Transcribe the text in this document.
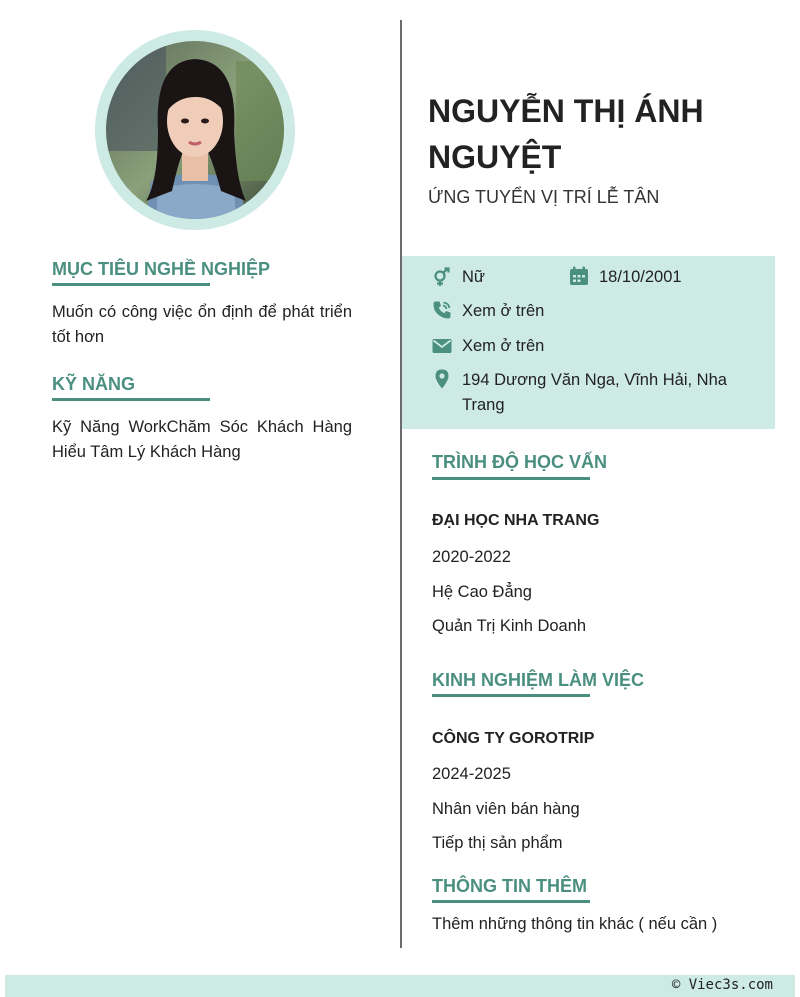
MỤC TIÊU NGHỀ NGHIỆP
Muốn có công việc ổn định để phát triển tốt hơn
KỸ NĂNG
Kỹ Năng WorkChăm Sóc Khách Hàng Hiểu Tâm Lý Khách Hàng
NGUYỄN THỊ ÁNH NGUYỆT
ỨNG TUYỂN VỊ TRÍ LỄ TÂN
Nữ	18/10/2001
Xem ở trên
Xem ở trên
194 Dương Văn Nga, Vĩnh Hải, Nha Trang
TRÌNH ĐỘ HỌC VẤN
ĐẠI HỌC NHA TRANG
2020-2022
Hệ Cao Đẳng
Quản Trị Kinh Doanh
KINH NGHIỆM LÀM VIỆC
CÔNG TY GOROTRIP
2024-2025
Nhân viên bán hàng
Tiếp thị sản phẩm
THÔNG TIN THÊM
Thêm những thông tin khác ( nếu cần )
© Viec3s.com
